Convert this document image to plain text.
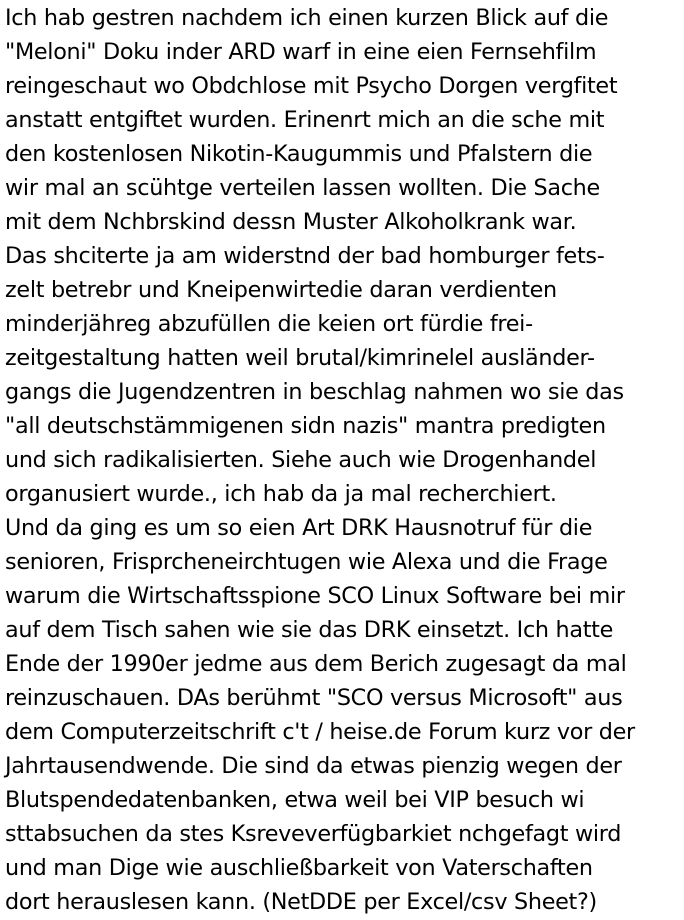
Ich hab gestren nachdem ich einen kurzen Blick auf die
"Meloni" Doku inder ARD warf in eine eien Fernsehfilm
reingeschaut wo Obdchlose mit Psycho Dorgen vergfitet
anstatt entgiftet wurden. Erinenrt mich an die sche mit
den kostenlosen Nikotin-Kaugummis und Pfalstern die
wir mal an scühtge verteilen lassen wollten. Die Sache
mit dem Nchbrskind dessn Muster Alkoholkrank war.
Das shciterte ja am widerstnd der bad homburger fets-
zelt betrebr und Kneipenwirtedie daran verdienten
minderjähreg abzufüllen die keien ort fürdie frei-
zeitgestaltung hatten weil brutal/kimrinelel ausländer-
gangs die Jugendzentren in beschlag nahmen wo sie das
"all deutschstämmigenen sidn nazis" mantra predigten
und sich radikalisierten. Siehe auch wie Drogenhandel
organusiert wurde., ich hab da ja mal recherchiert.
Und da ging es um so eien Art DRK Hausnotruf für die
senioren, Frisprcheneirchtugen wie Alexa und die Frage
warum die Wirtschaftsspione SCO Linux Software bei mir
auf dem Tisch sahen wie sie das DRK einsetzt. Ich hatte
Ende der 1990er jedme aus dem Berich zugesagt da mal
reinzuschauen. DAs berühmt "SCO versus Microsoft" aus
dem Computerzeitschrift c't / heise.de Forum kurz vor der
Jahrtausendwende. Die sind da etwas pienzig wegen der
Blutspendedatenbanken, etwa weil bei VIP besuch wi
sttabsuchen da stes Ksreveverfügbarkiet nchgefagt wird
und man Dige wie auschließbarkeit von Vaterschaften
dort herauslesen kann. (NetDDE per Excel/csv Sheet?)
